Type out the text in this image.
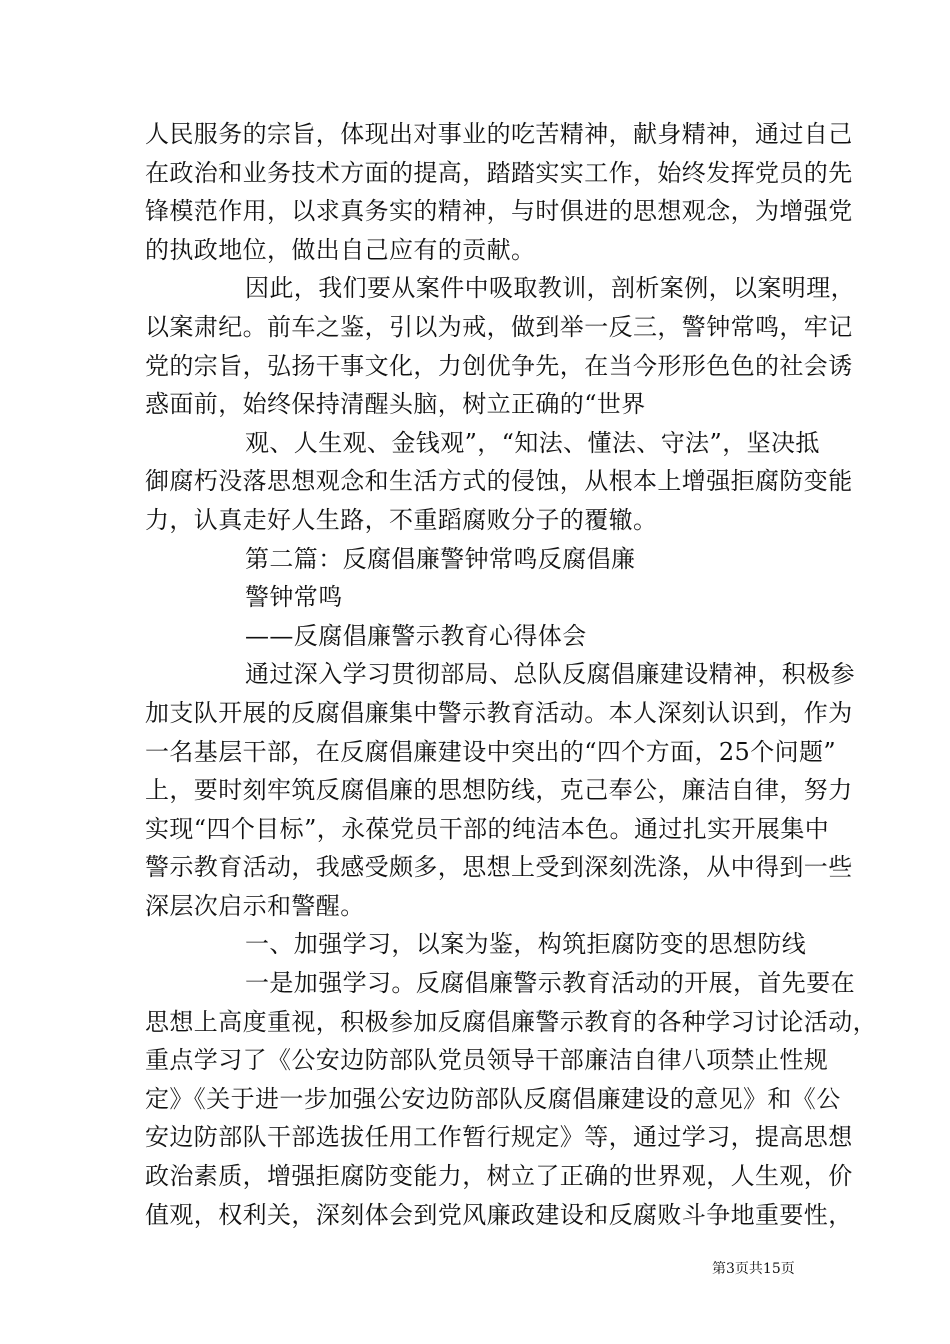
人民服务的宗旨，体现出对事业的吃苦精神，献身精神，通过自己
在政治和业务技术方面的提高，踏踏实实工作，始终发挥党员的先
锋模范作用，以求真务实的精神，与时俱进的思想观念，为增强党
的执政地位，做出自己应有的贡献。
因此，我们要从案件中吸取教训，剖析案例，以案明理，
以案肃纪。前车之鉴，引以为戒，做到举一反三，警钟常鸣，牢记
党的宗旨，弘扬干事文化，力创优争先，在当今形形色色的社会诱
惑面前，始终保持清醒头脑，树立正确的“世界
观、人生观、金钱观”，“知法、懂法、守法”，坚决抵
御腐朽没落思想观念和生活方式的侵蚀，从根本上增强拒腐防变能
力，认真走好人生路，不重蹈腐败分子的覆辙。
第二篇：反腐倡廉警钟常鸣反腐倡廉
警钟常鸣
——反腐倡廉警示教育心得体会
通过深入学习贯彻部局、总队反腐倡廉建设精神，积极参
加支队开展的反腐倡廉集中警示教育活动。本人深刻认识到，作为
一名基层干部，在反腐倡廉建设中突出的“四个方面，25个问题”
上，要时刻牢筑反腐倡廉的思想防线，克己奉公，廉洁自律，努力
实现“四个目标”，永葆党员干部的纯洁本色。通过扎实开展集中
警示教育活动，我感受颇多，思想上受到深刻洗涤，从中得到一些
深层次启示和警醒。
一、加强学习，以案为鉴，构筑拒腐防变的思想防线
一是加强学习。反腐倡廉警示教育活动的开展，首先要在
思想上高度重视，积极参加反腐倡廉警示教育的各种学习讨论活动，
重点学习了《公安边防部队党员领导干部廉洁自律八项禁止性规
定》《关于进一步加强公安边防部队反腐倡廉建设的意见》和《公
安边防部队干部选拔任用工作暂行规定》等，通过学习，提高思想
政治素质，增强拒腐防变能力，树立了正确的世界观，人生观，价
值观，权利关，深刻体会到党风廉政建设和反腐败斗争地重要性，
第3页共15页
